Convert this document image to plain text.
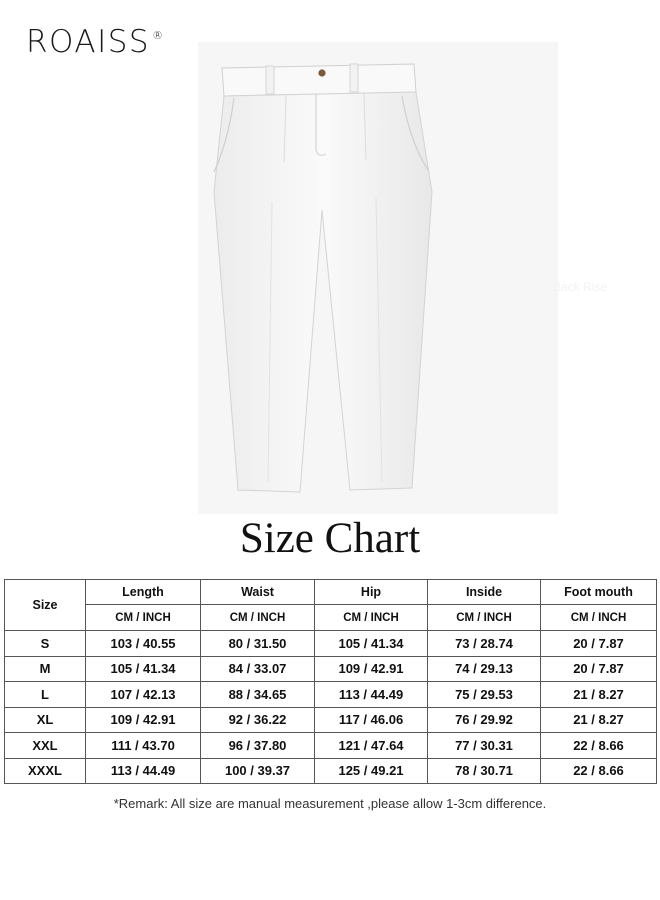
ROAISS ®
Back Rise
Size Chart
Size	Length	Waist	Hip	Inside	Foot mouth
	CM / INCH	CM / INCH	CM / INCH	CM / INCH	CM / INCH
S	103 / 40.55	80 / 31.50	105 / 41.34	73 / 28.74	20 / 7.87
M	105 / 41.34	84 / 33.07	109 / 42.91	74 / 29.13	20 / 7.87
L	107 / 42.13	88 / 34.65	113 / 44.49	75 / 29.53	21 / 8.27
XL	109 / 42.91	92 / 36.22	117 / 46.06	76 / 29.92	21 / 8.27
XXL	111 / 43.70	96 / 37.80	121 / 47.64	77 / 30.31	22 / 8.66
XXXL	113 / 44.49	100 / 39.37	125 / 49.21	78 / 30.71	22 / 8.66
*Remark: All size are manual measurement ,please allow 1-3cm difference.
